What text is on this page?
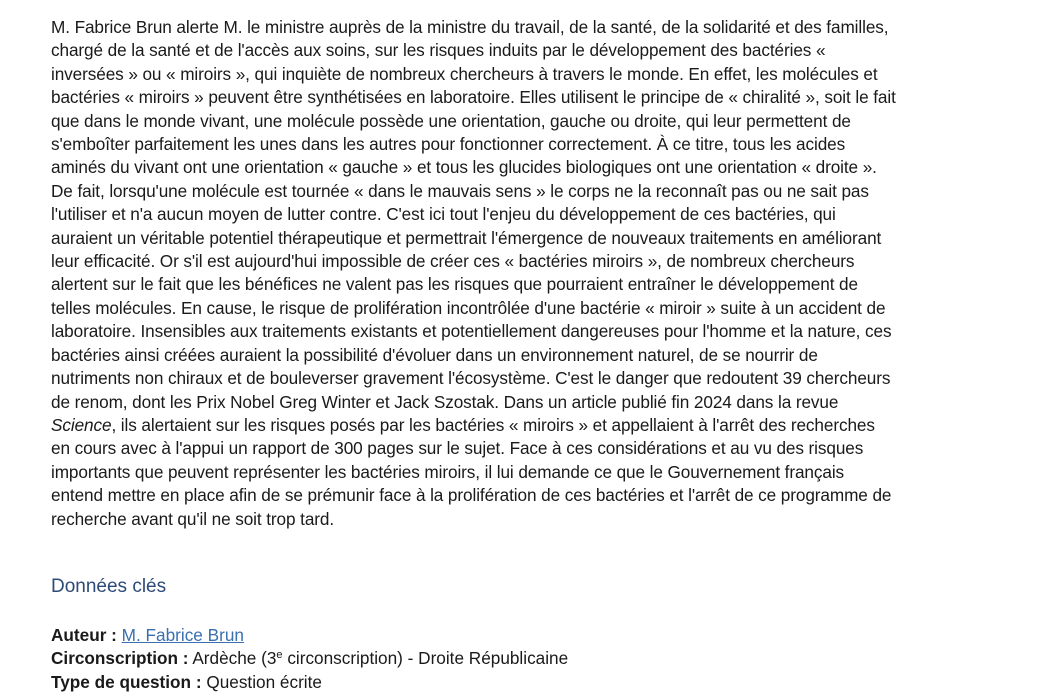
M. Fabrice Brun alerte M. le ministre auprès de la ministre du travail, de la santé, de la solidarité et des familles,
chargé de la santé et de l'accès aux soins, sur les risques induits par le développement des bactéries «
inversées » ou « miroirs », qui inquiète de nombreux chercheurs à travers le monde. En effet, les molécules et
bactéries « miroirs » peuvent être synthétisées en laboratoire. Elles utilisent le principe de « chiralité », soit le fait
que dans le monde vivant, une molécule possède une orientation, gauche ou droite, qui leur permettent de
s'emboîter parfaitement les unes dans les autres pour fonctionner correctement. À ce titre, tous les acides
aminés du vivant ont une orientation « gauche » et tous les glucides biologiques ont une orientation « droite ».
De fait, lorsqu'une molécule est tournée « dans le mauvais sens » le corps ne la reconnaît pas ou ne sait pas
l'utiliser et n'a aucun moyen de lutter contre. C'est ici tout l'enjeu du développement de ces bactéries, qui
auraient un véritable potentiel thérapeutique et permettrait l'émergence de nouveaux traitements en améliorant
leur efficacité. Or s'il est aujourd'hui impossible de créer ces « bactéries miroirs », de nombreux chercheurs
alertent sur le fait que les bénéfices ne valent pas les risques que pourraient entraîner le développement de
telles molécules. En cause, le risque de prolifération incontrôlée d'une bactérie « miroir » suite à un accident de
laboratoire. Insensibles aux traitements existants et potentiellement dangereuses pour l'homme et la nature, ces
bactéries ainsi créées auraient la possibilité d'évoluer dans un environnement naturel, de se nourrir de
nutriments non chiraux et de bouleverser gravement l'écosystème. C'est le danger que redoutent 39 chercheurs
de renom, dont les Prix Nobel Greg Winter et Jack Szostak. Dans un article publié fin 2024 dans la revue
Science, ils alertaient sur les risques posés par les bactéries « miroirs » et appellaient à l'arrêt des recherches
en cours avec à l'appui un rapport de 300 pages sur le sujet. Face à ces considérations et au vu des risques
importants que peuvent représenter les bactéries miroirs, il lui demande ce que le Gouvernement français
entend mettre en place afin de se prémunir face à la prolifération de ces bactéries et l'arrêt de ce programme de
recherche avant qu'il ne soit trop tard.
Données clés
Auteur : M. Fabrice Brun
Circonscription : Ardèche (3e circonscription) - Droite Républicaine
Type de question : Question écrite
